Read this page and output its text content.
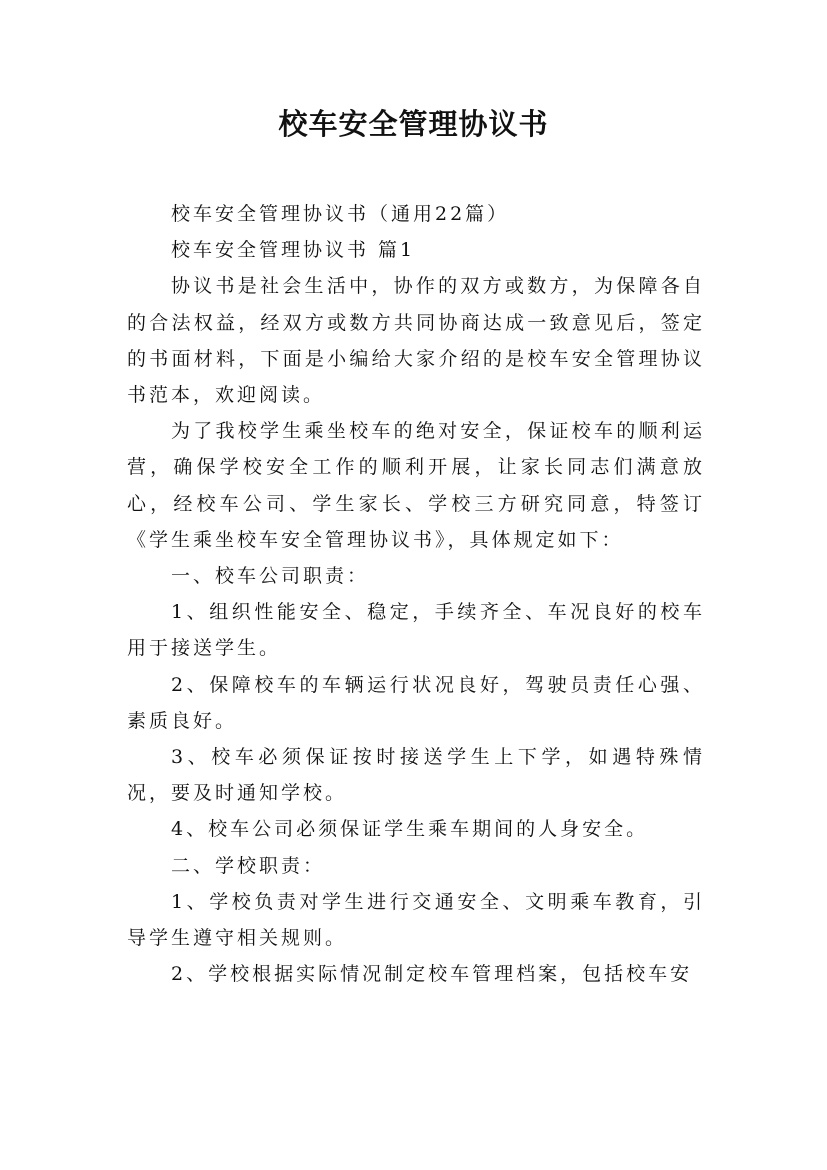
校车安全管理协议书

校车安全管理协议书（通用22篇）

校车安全管理协议书 篇1

协议书是社会生活中，协作的双方或数方，为保障各自的合法权益，经双方或数方共同协商达成一致意见后，签定的书面材料，下面是小编给大家介绍的是校车安全管理协议书范本，欢迎阅读。

为了我校学生乘坐校车的绝对安全，保证校车的顺利运营，确保学校安全工作的顺利开展，让家长同志们满意放心，经校车公司、学生家长、学校三方研究同意，特签订《学生乘坐校车安全管理协议书》，具体规定如下：

一、校车公司职责：

1、组织性能安全、稳定，手续齐全、车况良好的校车用于接送学生。

2、保障校车的车辆运行状况良好，驾驶员责任心强、素质良好。

3、校车必须保证按时接送学生上下学，如遇特殊情况，要及时通知学校。

4、校车公司必须保证学生乘车期间的人身安全。

二、学校职责：

1、学校负责对学生进行交通安全、文明乘车教育，引导学生遵守相关规则。

2、学校根据实际情况制定校车管理档案，包括校车安
